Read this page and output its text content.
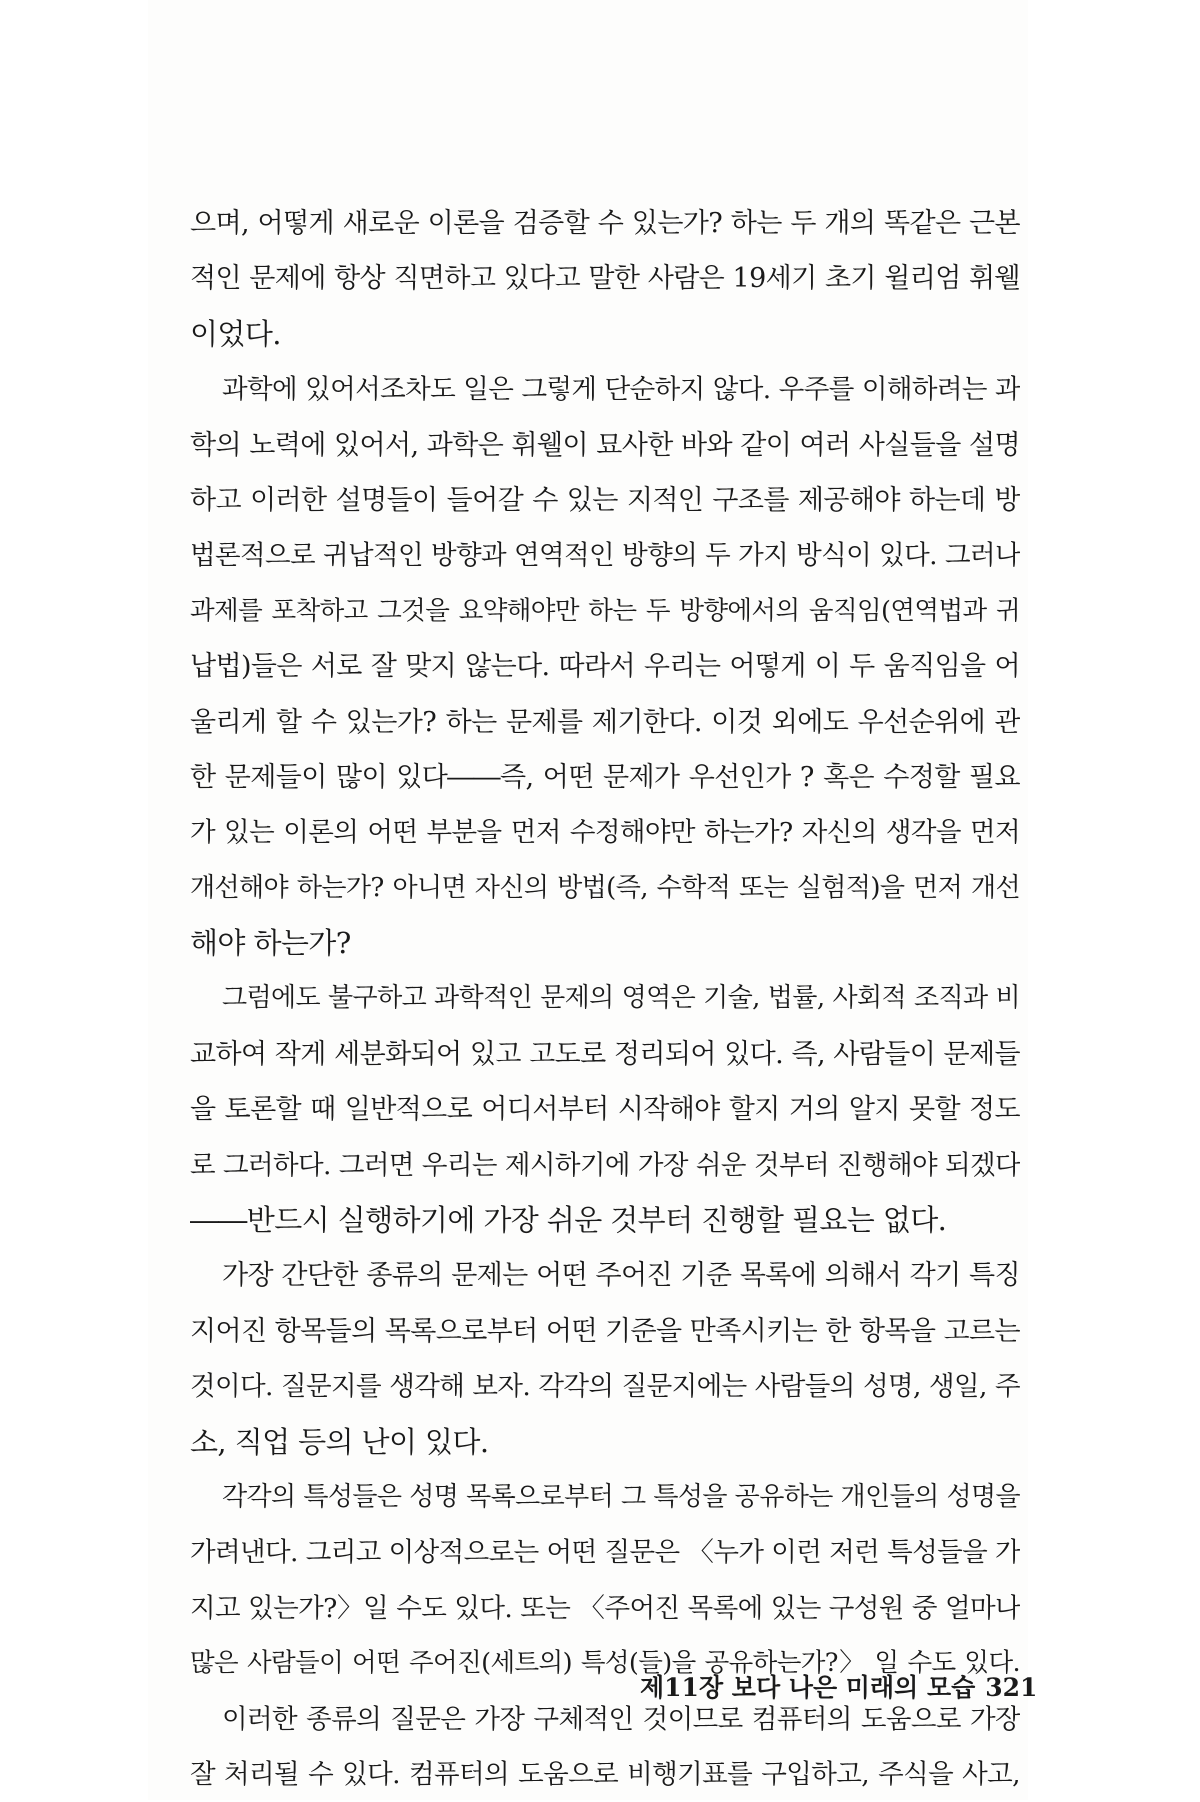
으며, 어떻게 새로운 이론을 검증할 수 있는가? 하는 두 개의 똑같은 근본
적인 문제에 항상 직면하고 있다고 말한 사람은 19세기 초기 윌리엄 휘웰
이었다.
과학에 있어서조차도 일은 그렇게 단순하지 않다. 우주를 이해하려는 과
학의 노력에 있어서, 과학은 휘웰이 묘사한 바와 같이 여러 사실들을 설명
하고 이러한 설명들이 들어갈 수 있는 지적인 구조를 제공해야 하는데 방
법론적으로 귀납적인 방향과 연역적인 방향의 두 가지 방식이 있다. 그러나
과제를 포착하고 그것을 요약해야만 하는 두 방향에서의 움직임(연역법과 귀
납법)들은 서로 잘 맞지 않는다. 따라서 우리는 어떻게 이 두 움직임을 어
울리게 할 수 있는가? 하는 문제를 제기한다. 이것 외에도 우선순위에 관
한 문제들이 많이 있다――즉, 어떤 문제가 우선인가 ? 혹은 수정할 필요
가 있는 이론의 어떤 부분을 먼저 수정해야만 하는가? 자신의 생각을 먼저
개선해야 하는가? 아니면 자신의 방법(즉, 수학적 또는 실험적)을 먼저 개선
해야 하는가?
그럼에도 불구하고 과학적인 문제의 영역은 기술, 법률, 사회적 조직과 비
교하여 작게 세분화되어 있고 고도로 정리되어 있다. 즉, 사람들이 문제들
을 토론할 때 일반적으로 어디서부터 시작해야 할지 거의 알지 못할 정도
로 그러하다. 그러면 우리는 제시하기에 가장 쉬운 것부터 진행해야 되겠다
――반드시 실행하기에 가장 쉬운 것부터 진행할 필요는 없다.
가장 간단한 종류의 문제는 어떤 주어진 기준 목록에 의해서 각기 특징
지어진 항목들의 목록으로부터 어떤 기준을 만족시키는 한 항목을 고르는
것이다. 질문지를 생각해 보자. 각각의 질문지에는 사람들의 성명, 생일, 주
소, 직업 등의 난이 있다.
각각의 특성들은 성명 목록으로부터 그 특성을 공유하는 개인들의 성명을
가려낸다. 그리고 이상적으로는 어떤 질문은 〈누가 이런 저런 특성들을 가
지고 있는가?〉일 수도 있다. 또는 〈주어진 목록에 있는 구성원 중 얼마나
많은 사람들이 어떤 주어진(세트의) 특성(들)을 공유하는가?〉 일 수도 있다.
이러한 종류의 질문은 가장 구체적인 것이므로 컴퓨터의 도움으로 가장
잘 처리될 수 있다. 컴퓨터의 도움으로 비행기표를 구입하고, 주식을 사고,
제11장 보다 나은 미래의 모습 321
